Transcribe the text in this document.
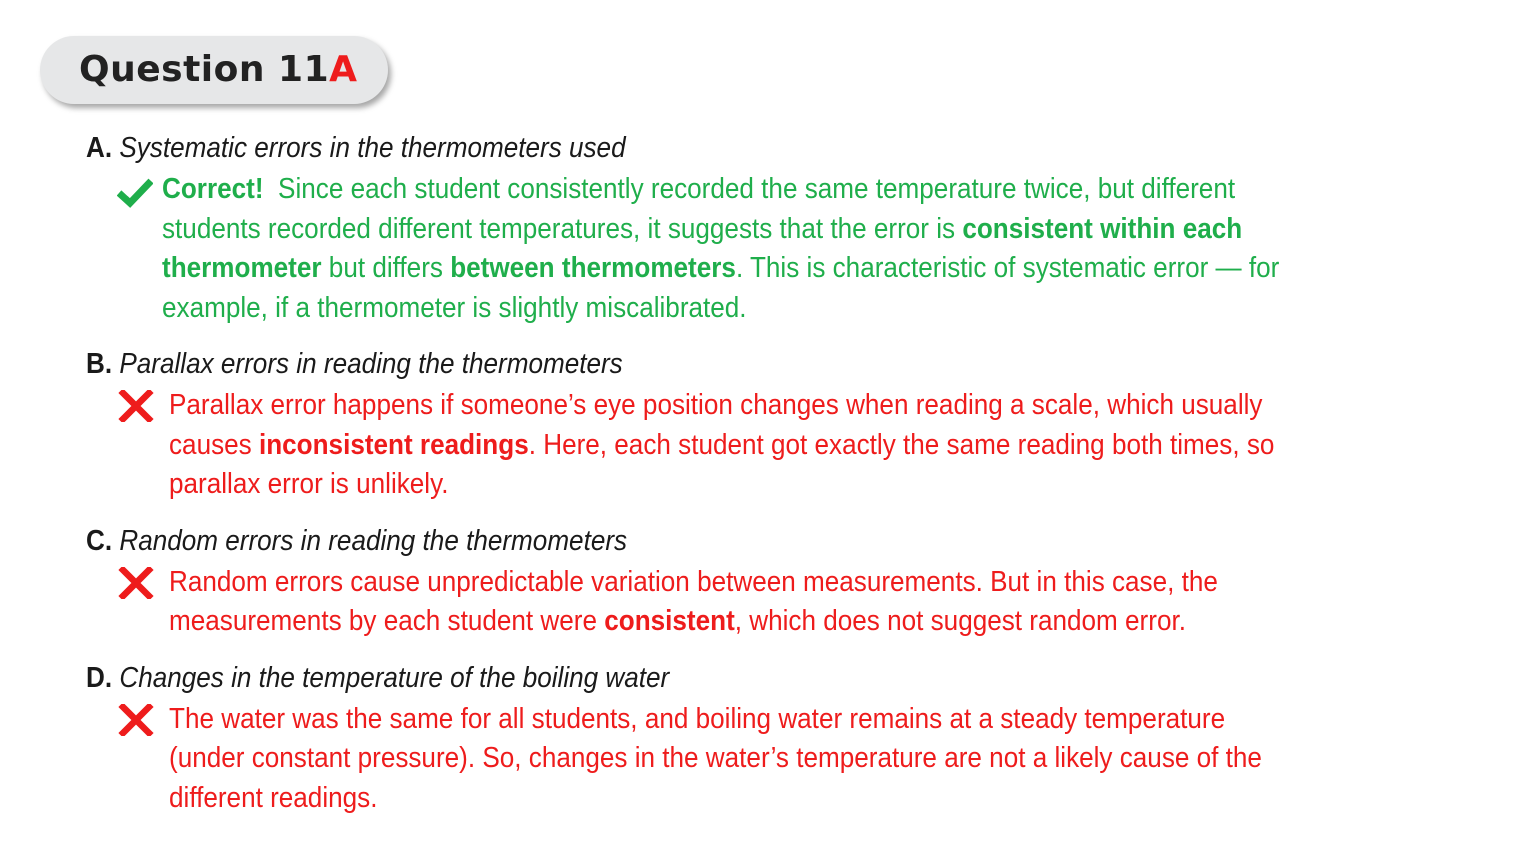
Question 11A
A. Systematic errors in the thermometers used
Correct! Since each student consistently recorded the same temperature twice, but different students recorded different temperatures, it suggests that the error is consistent within each thermometer but differs between thermometers. This is characteristic of systematic error — for example, if a thermometer is slightly miscalibrated.
B. Parallax errors in reading the thermometers
Parallax error happens if someone’s eye position changes when reading a scale, which usually causes inconsistent readings. Here, each student got exactly the same reading both times, so parallax error is unlikely.
C. Random errors in reading the thermometers
Random errors cause unpredictable variation between measurements. But in this case, the measurements by each student were consistent, which does not suggest random error.
D. Changes in the temperature of the boiling water
The water was the same for all students, and boiling water remains at a steady temperature (under constant pressure). So, changes in the water’s temperature are not a likely cause of the different readings.
